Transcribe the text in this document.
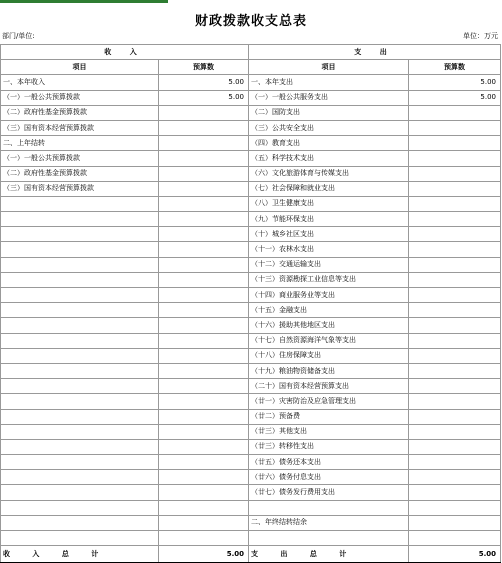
财政拨款收支总表
部门/单位:	单位：万元
收 入		支 出	
项目	预算数	项目	预算数
一、本年收入	5.00	一、本年支出	5.00
（一）一般公共预算拨款	5.00	（一）一般公共服务支出	5.00
（二）政府性基金预算拨款		（二）国防支出	
（三）国有资本经营预算拨款		（三）公共安全支出	
二、上年结转		（四）教育支出	
（一）一般公共预算拨款		（五）科学技术支出	
（二）政府性基金预算拨款		（六）文化旅游体育与传媒支出	
（三）国有资本经营预算拨款		（七）社会保障和就业支出	
		（八）卫生健康支出	
		（九）节能环保支出	
		（十）城乡社区支出	
		（十一）农林水支出	
		（十二）交通运输支出	
		（十三）资源勘探工业信息等支出	
		（十四）商业服务业等支出	
		（十五）金融支出	
		（十六）援助其他地区支出	
		（十七）自然资源海洋气象等支出	
		（十八）住房保障支出	
		（十九）粮油物资储备支出	
		（二十）国有资本经营预算支出	
		（廿一）灾害防治及应急管理支出	
		（廿二）预备费	
		（廿三）其他支出	
		（廿三）转移性支出	
		（廿五）债务还本支出	
		（廿六）债务付息支出	
		（廿七）债务发行费用支出	

		二、年终结转结余	

收 入 总 计	5.00	支 出 总 计	5.00
